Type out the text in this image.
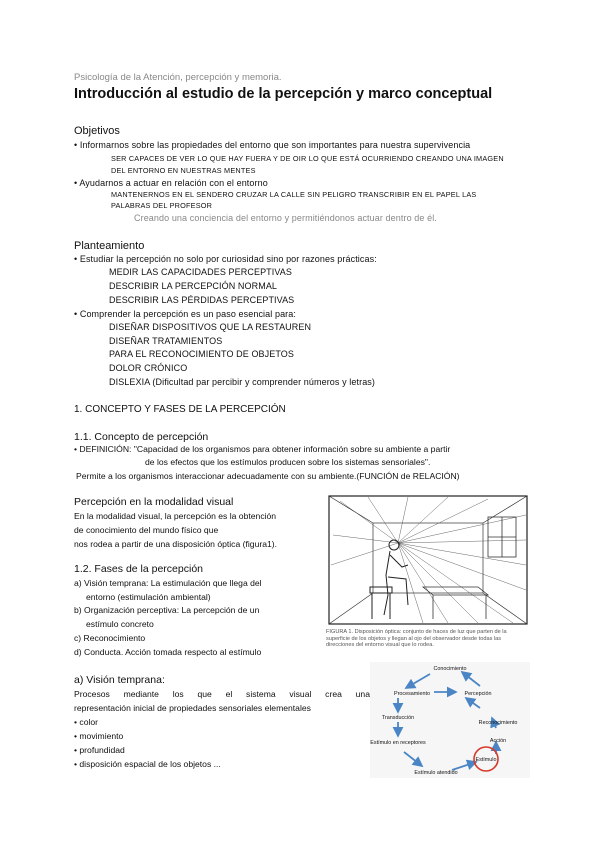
Psicología de la Atención, percepción y memoria.
Introducción al estudio de la percepción y marco conceptual
Objetivos
• Informarnos sobre las propiedades del entorno que son importantes para nuestra supervivencia
SER CAPACES DE VER LO QUE HAY FUERA Y DE OIR LO QUE ESTÁ OCURRIENDO CREANDO UNA IMAGEN
DEL ENTORNO EN NUESTRAS MENTES
• Ayudarnos a actuar en relación con el entorno
MANTENERNOS EN EL SENDERO CRUZAR LA CALLE SIN PELIGRO TRANSCRIBIR EN EL PAPEL LAS
PALABRAS DEL PROFESOR
Creando una conciencia del entorno y permitiéndonos actuar dentro de él.
Planteamiento
• Estudiar la percepción no solo por curiosidad sino por razones prácticas:
MEDIR LAS CAPACIDADES PERCEPTIVAS
DESCRIBIR LA PERCEPCIÓN NORMAL
DESCRIBIR LAS PÉRDIDAS PERCEPTIVAS
• Comprender la percepción es un paso esencial para:
DISEÑAR DISPOSITIVOS QUE LA RESTAUREN
DISEÑAR TRATAMIENTOS
PARA EL RECONOCIMIENTO DE OBJETOS
DOLOR CRÓNICO
DISLEXIA (Dificultad par percibir y comprender números y letras)
1. CONCEPTO Y FASES DE LA PERCEPCIÓN
1.1. Concepto de percepción
• DEFINICIÓN: "Capacidad de los organismos para obtener información sobre su ambiente a partir
de los efectos que los estímulos producen sobre los sistemas sensoriales".
Permite a los organismos interaccionar adecuadamente con su ambiente.(FUNCIÓN de RELACIÓN)
Percepción en la modalidad visual
En la modalidad visual, la percepción es la obtención
de conocimiento del mundo físico que
nos rodea a partir de una disposición óptica (figura1).
1.2. Fases de la percepción
a) Visión temprana: La estimulación que llega del
entorno (estimulación ambiental)
b) Organización perceptiva: La percepción de un
estímulo concreto
c) Reconocimiento
d) Conducta. Acción tomada respecto al estímulo
FIGURA 1. Disposición óptica: conjunto de haces de luz que parten de la superficie de los objetos y llegan al ojo del observador desde todas las direcciones del entorno visual que lo rodea.
a) Visión temprana:
Procesos mediante los que el sistema visual crea una
representación inicial de propiedades sensoriales elementales
• color
• movimiento
• profundidad
• disposición espacial de los objetos ...
Conocimiento
Procesamiento	Percepción
Reconocimiento
Acción
Estímulo
Estímulo atendido
Estímulo en receptores
Transducción
